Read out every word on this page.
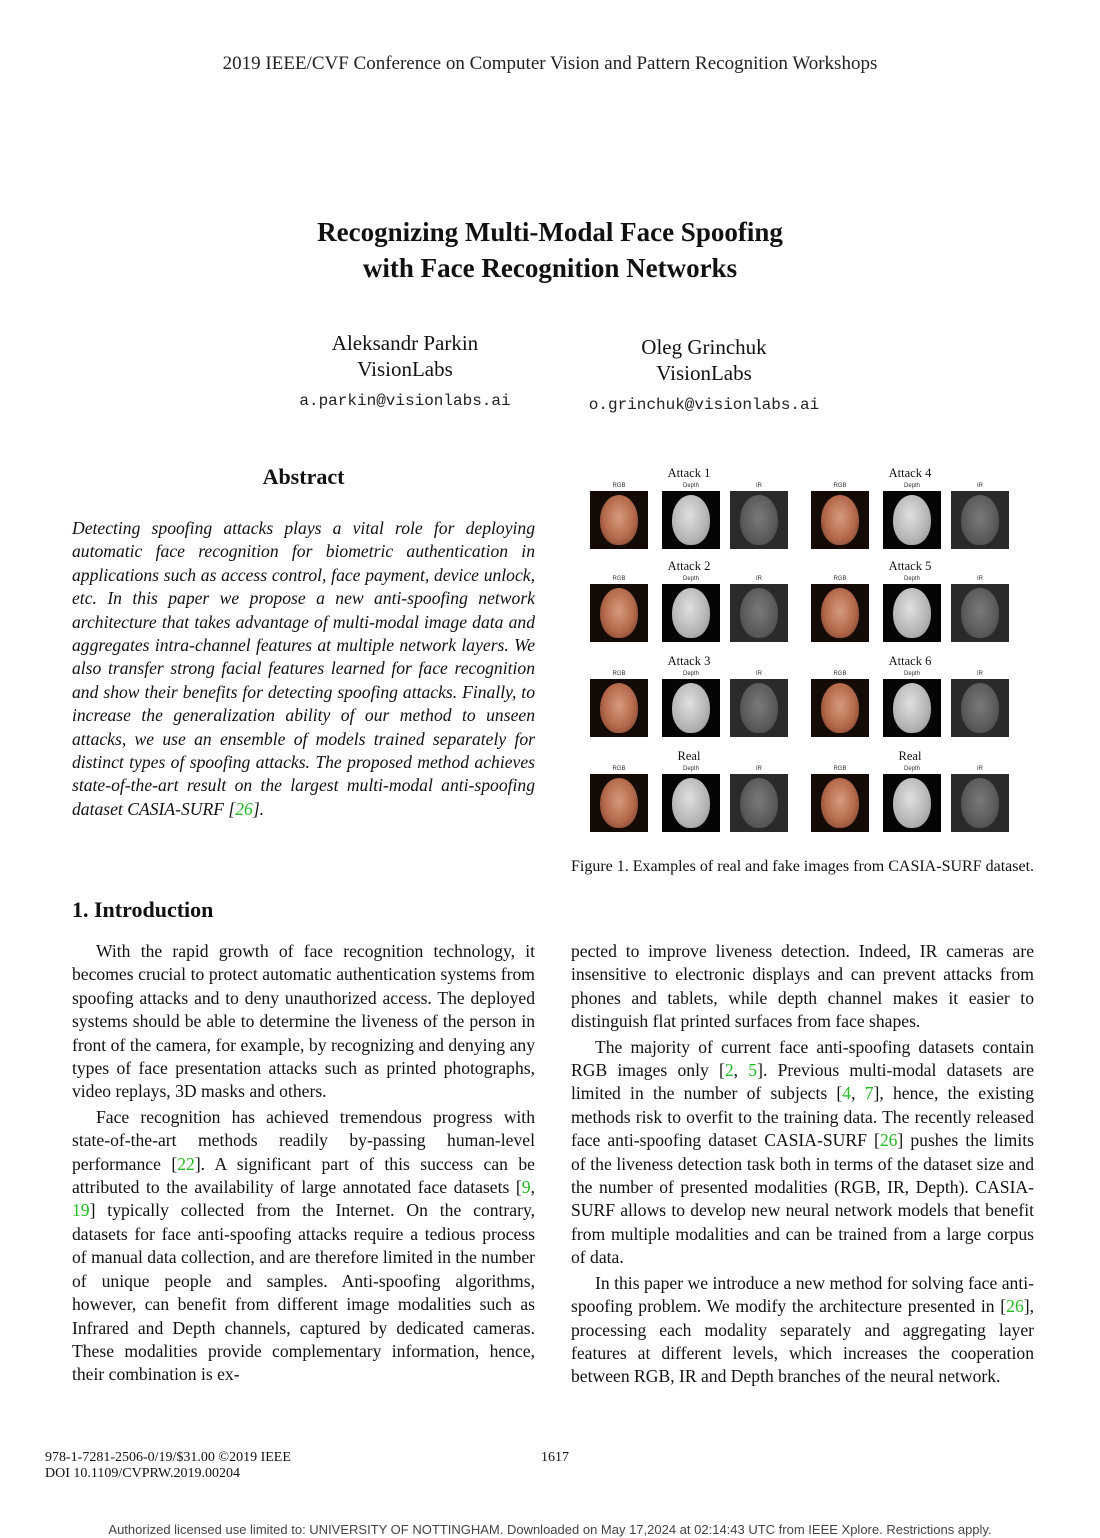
2019 IEEE/CVF Conference on Computer Vision and Pattern Recognition Workshops
Recognizing Multi-Modal Face Spoofing
with Face Recognition Networks
Aleksandr Parkin
VisionLabs
a.parkin@visionlabs.ai
Oleg Grinchuk
VisionLabs
o.grinchuk@visionlabs.ai
Abstract
Detecting spoofing attacks plays a vital role for deploying automatic face recognition for biometric authentication in applications such as access control, face payment, device unlock, etc. In this paper we propose a new anti-spoofing network architecture that takes advantage of multi-modal image data and aggregates intra-channel features at multiple network layers. We also transfer strong facial features learned for face recognition and show their benefits for detecting spoofing attacks. Finally, to increase the generalization ability of our method to unseen attacks, we use an ensemble of models trained separately for distinct types of spoofing attacks. The proposed method achieves state-of-the-art result on the largest multi-modal anti-spoofing dataset CASIA-SURF [26].
Attack 1
RGB	Depth	IR
Attack 4
RGB	Depth	IR
Attack 2
RGB	Depth	IR
Attack 5
RGB	Depth	IR
Attack 3
RGB	Depth	IR
Attack 6
RGB	Depth	IR
Real
RGB	Depth	IR
Real
RGB	Depth	IR
Figure 1. Examples of real and fake images from CASIA-SURF dataset.
1. Introduction

With the rapid growth of face recognition technology, it becomes crucial to protect automatic authentication systems from spoofing attacks and to deny unauthorized access. The deployed systems should be able to determine the liveness of the person in front of the camera, for example, by recognizing and denying any types of face presentation attacks such as printed photographs, video replays, 3D masks and others.

Face recognition has achieved tremendous progress with state-of-the-art methods readily by-passing human-level performance [22]. A significant part of this success can be attributed to the availability of large annotated face datasets [9, 19] typically collected from the Internet. On the contrary, datasets for face anti-spoofing attacks require a tedious process of manual data collection, and are therefore limited in the number of unique people and samples. Anti-spoofing algorithms, however, can benefit from different image modalities such as Infrared and Depth channels, captured by dedicated cameras. These modalities provide complementary information, hence, their combination is ex-

pected to improve liveness detection. Indeed, IR cameras are insensitive to electronic displays and can prevent attacks from phones and tablets, while depth channel makes it easier to distinguish flat printed surfaces from face shapes.

The majority of current face anti-spoofing datasets contain RGB images only [2, 5]. Previous multi-modal datasets are limited in the number of subjects [4, 7], hence, the existing methods risk to overfit to the training data. The recently released face anti-spoofing dataset CASIA-SURF [26] pushes the limits of the liveness detection task both in terms of the dataset size and the number of presented modalities (RGB, IR, Depth). CASIA-SURF allows to develop new neural network models that benefit from multiple modalities and can be trained from a large corpus of data.

In this paper we introduce a new method for solving face anti-spoofing problem. We modify the architecture presented in [26], processing each modality separately and aggregating layer features at different levels, which increases the cooperation between RGB, IR and Depth branches of the neural network.

978-1-7281-2506-0/19/$31.00 ©2019 IEEE
DOI 10.1109/CVPRW.2019.00204
1617
Authorized licensed use limited to: UNIVERSITY OF NOTTINGHAM. Downloaded on May 17,2024 at 02:14:43 UTC from IEEE Xplore. Restrictions apply.
